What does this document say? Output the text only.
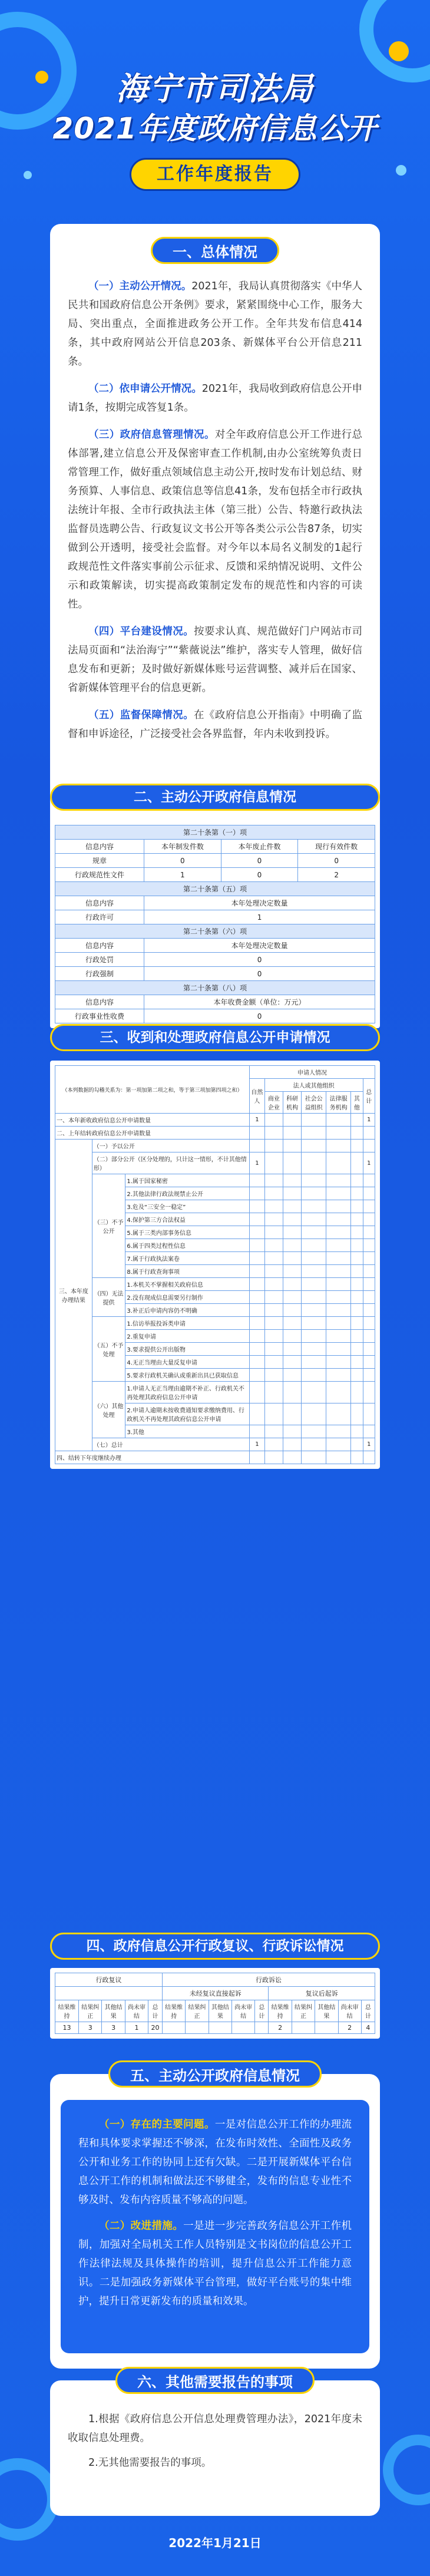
海宁市司法局
2021年度政府信息公开
工作年度报告
一、总体情况

（一）主动公开情况。2021年，我局认真贯彻落实《中华人民共和国政府信息公开条例》要求，紧紧围绕中心工作，服务大局、突出重点，全面推进政务公开工作。全年共发布信息414条，其中政府网站公开信息203条、新媒体平台公开信息211条。

（二）依申请公开情况。2021年，我局收到政府信息公开申请1条，按期完成答复1条。

（三）政府信息管理情况。对全年政府信息公开工作进行总体部署,建立信息公开及保密审查工作机制,由办公室统筹负责日常管理工作，做好重点领域信息主动公开,按时发布计划总结、财务预算、人事信息、政策信息等信息41条，发布包括全市行政执法统计年报、全市行政执法主体（第三批）公告、特邀行政执法监督员选聘公告、行政复议文书公开等各类公示公告87条，切实做到公开透明，接受社会监督。对今年以本局名义制发的1起行政规范性文件落实事前公示征求、反馈和采纳情况说明、文件公示和政策解读，切实提高政策制定发布的规范性和内容的可读性。

（四）平台建设情况。按要求认真、规范做好门户网站市司法局页面和“法治海宁”“紫薇说法”维护，落实专人管理，做好信息发布和更新；及时做好新媒体账号运营调整、减并后在国家、省新媒体管理平台的信息更新。

（五）监督保障情况。在《政府信息公开指南》中明确了监督和申诉途径，广泛接受社会各界监督，年内未收到投诉。

二、主动公开政府信息情况
第二十条第（一）项			
信息内容	本年制发件数	本年废止件数	现行有效件数
规章	0	0	0
行政规范性文件	1	0	2
第二十条第（五）项			
信息内容	本年处理决定数量		
行政许可	1		
第二十条第（六）项			
信息内容	本年处理决定数量		
行政处罚	0		
行政强制	0		
第二十条第（八）项			
信息内容	本年收费金额（单位：万元）		
行政事业性收费	0		
三、收到和处理政府信息公开申请情况
（本列数据的勾稽关系为：第一项加第二项之和，等于第三项加第四项之和）			申请人情况						
			自然人	法人或其他组织					总计
				商业企业	科研机构	社会公益组织	法律服务机构	其他	
一、本年新收政府信息公开申请数量			1						1
二、上年结转政府信息公开申请数量									
三、本年度办理结果	（一）予以公开								
	（二）部分公开（区分处理的，只计这一情形，不计其他情形）		1						1
	（三）不予公开	1.属于国家秘密							
		2.其他法律行政法规禁止公开							
		3.危及“三安全一稳定”							
		4.保护第三方合法权益							
		5.属于三类内部事务信息							
		6.属于四类过程性信息							
		7.属于行政执法案卷							
		8.属于行政查询事项							
	（四）无法提供	1.本机关不掌握相关政府信息							
		2.没有现成信息需要另行制作							
		3.补正后申请内容仍不明确							
	（五）不予处理	1.信访举报投诉类申请							
		2.重复申请							
		3.要求提供公开出版物							
		4.无正当理由大量反复申请							
		5.要求行政机关确认或重新出具已获取信息							
	（六）其他处理	1.申请人无正当理由逾期不补正、行政机关不再处理其政府信息公开申请							
		2.申请人逾期未按收费通知要求缴纳费用、行政机关不再处理其政府信息公开申请							
		3.其他							
	（七）总计		1						1
四、结转下年度继续办理									
四、政府信息公开行政复议、行政诉讼情况
行政复议					行政诉讼									
					未经复议直接起诉					复议后起诉				
结果维持	结果纠正	其他结果	尚未审结	总计	结果维持	结果纠正	其他结果	尚未审结	总计	结果维持	结果纠正	其他结果	尚未审结	总计
13	3	3	1	20						2			2	4
五、主动公开政府信息情况

（一）存在的主要问题。一是对信息公开工作的办理流程和具体要求掌握还不够深，在发布时效性、全面性及政务公开和业务工作的协同上还有欠缺。二是开展新媒体平台信息公开工作的机制和做法还不够健全，发布的信息专业性不够及时、发布内容质量不够高的问题。

（二）改进措施。一是进一步完善政务信息公开工作机制，加强对全局机关工作人员特别是文书岗位的信息公开工作法律法规及具体操作的培训，提升信息公开工作能力意识。二是加强政务新媒体平台管理，做好平台账号的集中维护，提升日常更新发布的质量和效果。

六、其他需要报告的事项

1.根据《政府信息公开信息处理费管理办法》，2021年度未收取信息处理费。

2.无其他需要报告的事项。

2022年1月21日
